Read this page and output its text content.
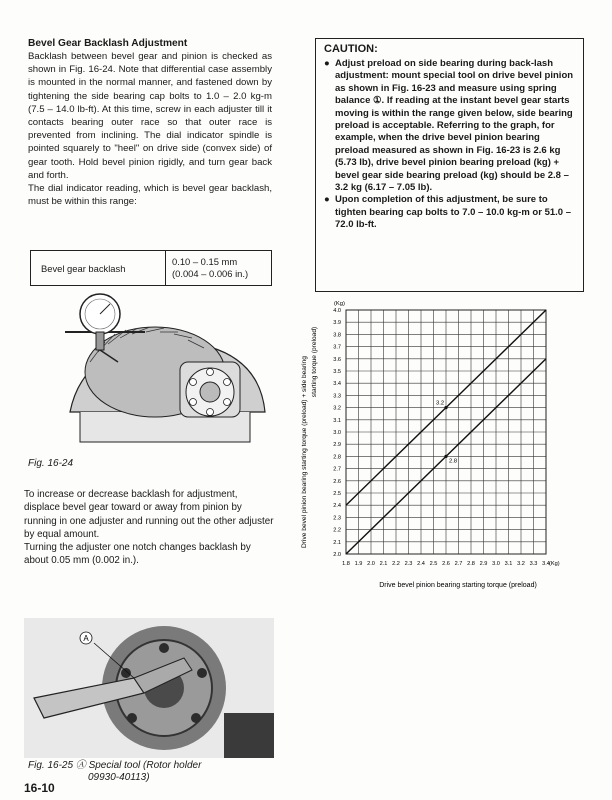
Bevel Gear Backlash Adjustment

Backlash between bevel gear and pinion is checked as shown in Fig. 16-24. Note that differential case assembly is mounted in the normal manner, and fastened down by tightening the side bearing cap bolts to 1.0 – 2.0 kg-m (7.5 – 14.0 lb-ft). At this time, screw in each adjuster till it contacts bearing outer race so that outer race is prevented from inclining. The dial indicator spindle is pointed squarely to "heel" on drive side (convex side) of gear tooth. Hold bevel pinion rigidly, and turn gear back and forth.

The dial indicator reading, which is bevel gear backlash, must be within this range:

Bevel gear backlash
0.10 – 0.15 mm
(0.004 – 0.006 in.)
Fig. 16-24

To increase or decrease backlash for adjustment, displace bevel gear toward or away from pinion by running in one adjuster and running out the other adjuster by equal amount.

Turning the adjuster one notch changes backlash by about 0.05 mm (0.002 in.).

A
Fig. 16-25 Ⓐ Special tool (Rotor holder
09930-40113)
16-10
CAUTION:
● Adjust preload on side bearing during back-lash adjustment: mount special tool on drive bevel pinion as shown in Fig. 16-23 and measure using spring balance ①. If reading at the instant bevel gear starts moving is within the range given below, side bearing preload is acceptable. Referring to the graph, for example, when the drive bevel pinion bearing preload measured as shown in Fig. 16-23 is 2.6 kg (5.73 lb), drive bevel pinion bearing preload (kg) + bevel gear side bearing preload (kg) should be 2.8 – 3.2 kg (6.17 – 7.05 lb).
● Upon completion of this adjustment, be sure to tighten bearing cap bolts to 7.0 – 10.0 kg-m or 51.0 – 72.0 lb-ft.
1.8 1.9 2.0 2.1 2.2 2.3 2.4 2.5 2.6 2.7 2.8 2.9 3.0 3.1 3.2 3.3 3.4
2.0
2.1
2.2
2.3
2.4
2.5
2.6
2.7
2.8
2.9
3.0
3.1
3.2
3.3
3.4
3.5
3.6
3.7
3.8
3.9
4.0
3.2
2.8
(Kg)
(Kg)
Drive bevel pinion bearing starting torque (preload)
Drive bevel pinion bearing starting torque (preload) + side bearing starting torque (preload)
